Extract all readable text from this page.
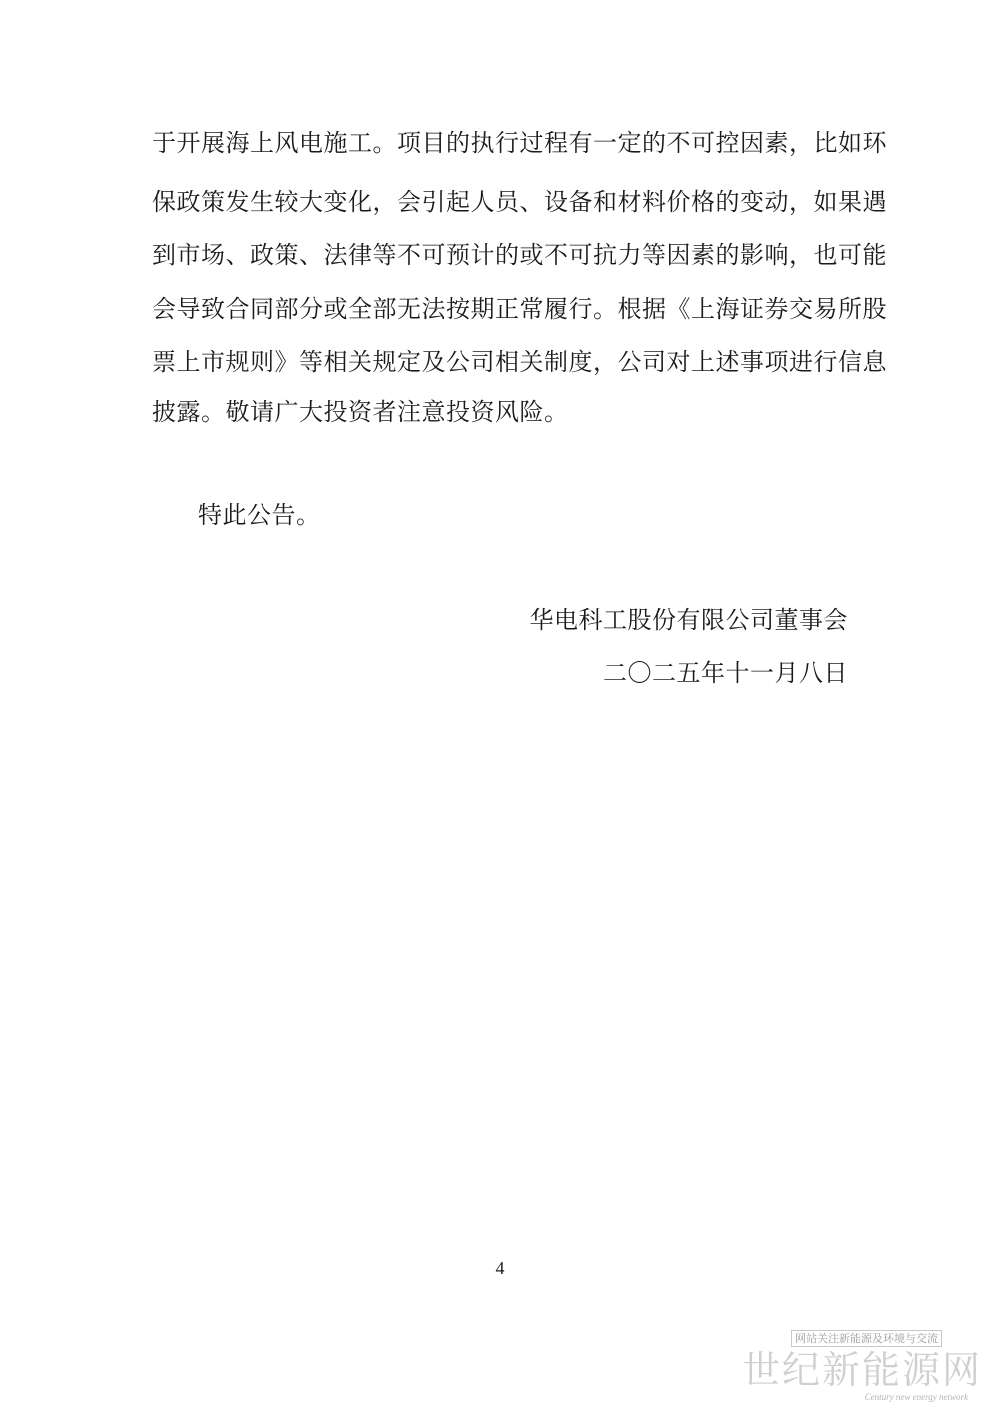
于开展海上风电施工。项目的执行过程有一定的不可控因素，比如环
保政策发生较大变化，会引起人员、设备和材料价格的变动，如果遇
到市场、政策、法律等不可预计的或不可抗力等因素的影响，也可能
会导致合同部分或全部无法按期正常履行。根据《上海证券交易所股
票上市规则》等相关规定及公司相关制度，公司对上述事项进行信息
披露。敬请广大投资者注意投资风险。
特此公告。
华电科工股份有限公司董事会
二〇二五年十一月八日
4
网站关注新能源及环境与交流
世纪新能源网
Century new energy network
